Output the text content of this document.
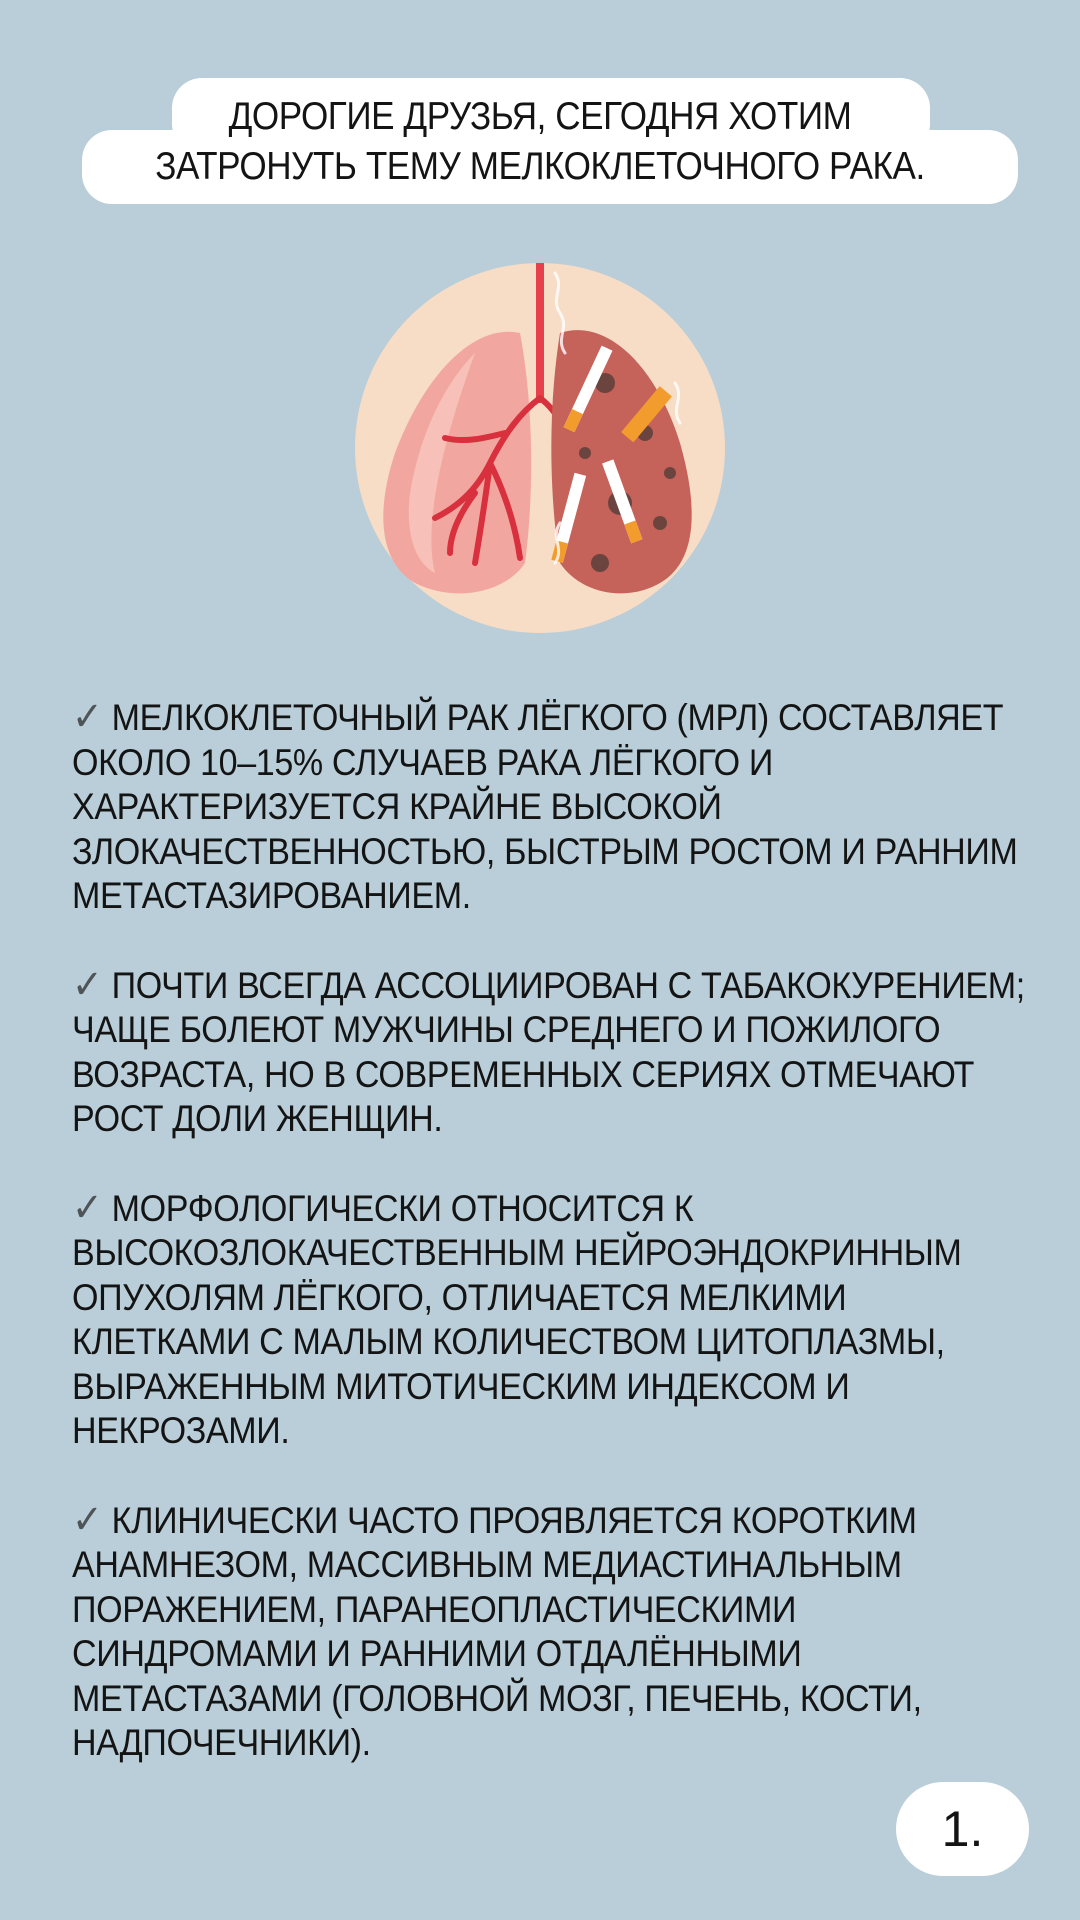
ДОРОГИЕ ДРУЗЬЯ, СЕГОДНЯ ХОТИМ
ЗАТРОНУТЬ ТЕМУ МЕЛКОКЛЕТОЧНОГО РАКА.
✓ МЕЛКОКЛЕТОЧНЫЙ РАК ЛЁГКОГО (МРЛ) СОСТАВЛЯЕТ ОКОЛО 10–15% СЛУЧАЕВ РАКА ЛЁГКОГО И ХАРАКТЕРИЗУЕТСЯ КРАЙНЕ ВЫСОКОЙ ЗЛОКАЧЕСТВЕННОСТЬЮ, БЫСТРЫМ РОСТОМ И РАННИМ МЕТАСТАЗИРОВАНИЕМ.
✓ ПОЧТИ ВСЕГДА АССОЦИИРОВАН С ТАБАКОКУРЕНИЕМ; ЧАЩЕ БОЛЕЮТ МУЖЧИНЫ СРЕДНЕГО И ПОЖИЛОГО ВОЗРАСТА, НО В СОВРЕМЕННЫХ СЕРИЯХ ОТМЕЧАЮТ РОСТ ДОЛИ ЖЕНЩИН.
✓ МОРФОЛОГИЧЕСКИ ОТНОСИТСЯ К ВЫСОКОЗЛОКАЧЕСТВЕННЫМ НЕЙРОЭНДОКРИННЫМ ОПУХОЛЯМ ЛЁГКОГО, ОТЛИЧАЕТСЯ МЕЛКИМИ КЛЕТКАМИ С МАЛЫМ КОЛИЧЕСТВОМ ЦИТОПЛАЗМЫ, ВЫРАЖЕННЫМ МИТОТИЧЕСКИМ ИНДЕКСОМ И НЕКРОЗАМИ.
✓ КЛИНИЧЕСКИ ЧАСТО ПРОЯВЛЯЕТСЯ КОРОТКИМ АНАМНЕЗОМ, МАССИВНЫМ МЕДИАСТИНАЛЬНЫМ ПОРАЖЕНИЕМ, ПАРАНЕОПЛАСТИЧЕСКИМИ СИНДРОМАМИ И РАННИМИ ОТДАЛЁННЫМИ МЕТАСТАЗАМИ (ГОЛОВНОЙ МОЗГ, ПЕЧЕНЬ, КОСТИ, НАДПОЧЕЧНИКИ).
1.
